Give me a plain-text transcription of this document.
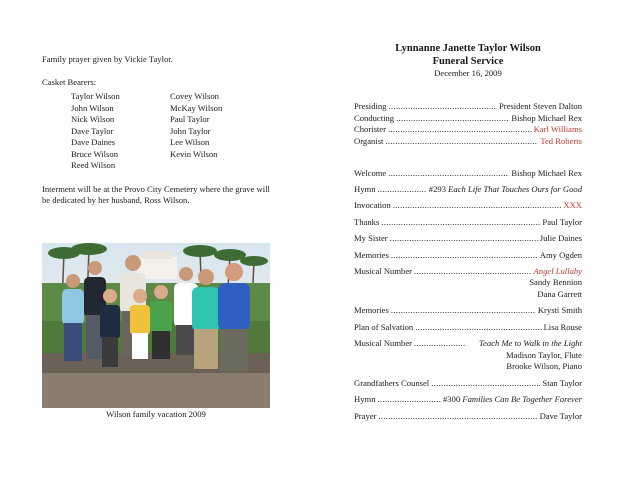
Family prayer given by Vickie Taylor.

Casket Bearers:
Taylor Wilson
John Wilson
Nick Wilson
Dave Taylor
Dave Daines
Bruce Wilson
Reed Wilson
Covey Wilson
McKay Wilson
Paul Taylor
John Taylor
Lee Wilson
Kevin Wilson

Interment will be at the Provo City Cemetery where the grave will be dedicated by her husband, Ross Wilson.

Wilson family vacation 2009
Lynnanne Janette Taylor Wilson
Funeral Service
December 16, 2009
Presiding .....	President Steven Dalton
Conducting .....	Bishop Michael Rex
Chorister .....	Karl Williams
Organist .....	Ted Roberts
Welcome .....	Bishop Michael Rex
Hymn .....	#293 Each Life That Touches Ours for Good
Invocation .....	XXX
Thanks .....	Paul Taylor
My Sister .....	Julie Daines
Memories .....	Amy Ogden
Musical Number .....	Angel Lullaby
Sandy Bennion
Dana Garrett
Memories .....	Krysti Smith
Plan of Salvation .....	Lisa Rouse
Musical Number .....	Teach Me to Walk in the Light
Madison Taylor, Flute
Brooke Wilson, Piano
Grandfathers Counsel .....	Stan Taylor
Hymn .....	#300 Families Can Be Together Forever
Prayer .....	Dave Taylor
